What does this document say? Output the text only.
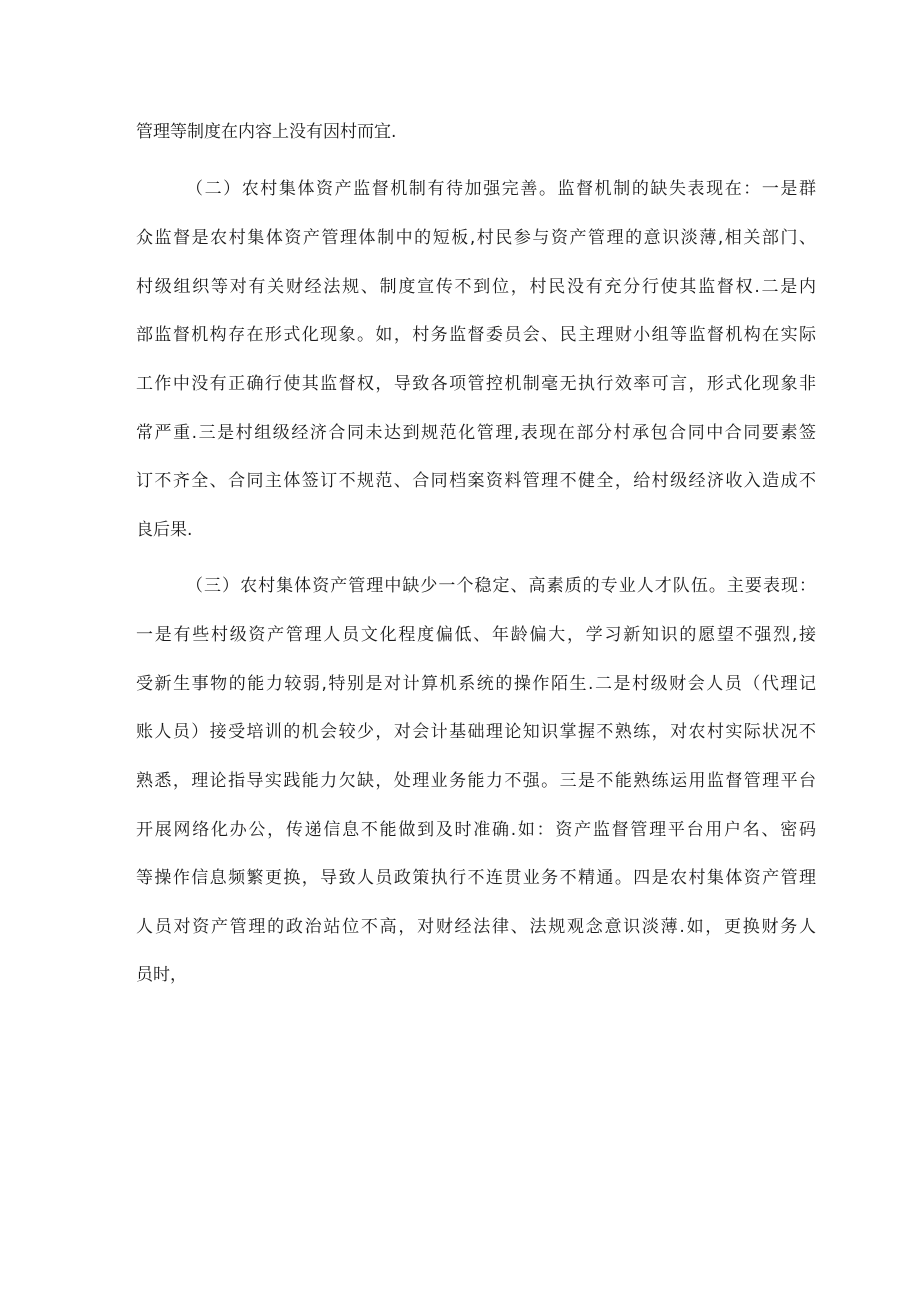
管理等制度在内容上没有因村而宜.
（二）农村集体资产监督机制有待加强完善。监督机制的缺失表现在：一是群
众监督是农村集体资产管理体制中的短板,村民参与资产管理的意识淡薄,相关部门、
村级组织等对有关财经法规、制度宣传不到位，村民没有充分行使其监督权.二是内
部监督机构存在形式化现象。如，村务监督委员会、民主理财小组等监督机构在实际
工作中没有正确行使其监督权，导致各项管控机制毫无执行效率可言，形式化现象非
常严重.三是村组级经济合同未达到规范化管理,表现在部分村承包合同中合同要素签
订不齐全、合同主体签订不规范、合同档案资料管理不健全，给村级经济收入造成不
良后果.
（三）农村集体资产管理中缺少一个稳定、高素质的专业人才队伍。主要表现：
一是有些村级资产管理人员文化程度偏低、年龄偏大，学习新知识的愿望不强烈,接
受新生事物的能力较弱,特别是对计算机系统的操作陌生.二是村级财会人员（代理记
账人员）接受培训的机会较少，对会计基础理论知识掌握不熟练，对农村实际状况不
熟悉，理论指导实践能力欠缺，处理业务能力不强。三是不能熟练运用监督管理平台
开展网络化办公，传递信息不能做到及时准确.如：资产监督管理平台用户名、密码
等操作信息频繁更换，导致人员政策执行不连贯业务不精通。四是农村集体资产管理
人员对资产管理的政治站位不高，对财经法律、法规观念意识淡薄.如，更换财务人
员时，
